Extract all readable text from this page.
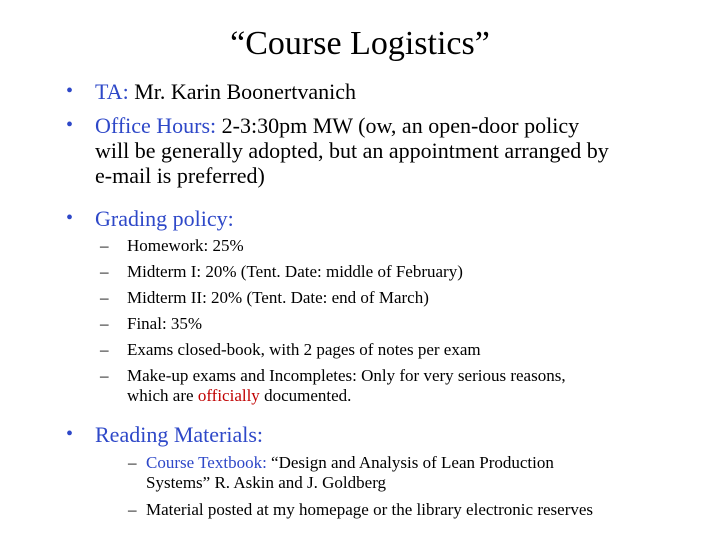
“Course Logistics”
• TA: Mr. Karin Boonertvanich
• Office Hours: 2-3:30pm MW (ow, an open-door policy
will be generally adopted, but an appointment arranged by
e-mail is preferred)
• Grading policy:
– Homework: 25%
– Midterm I: 20% (Tent. Date: middle of February)
– Midterm II: 20% (Tent. Date: end of March)
– Final: 35%
– Exams closed-book, with 2 pages of notes per exam
– Make-up exams and Incompletes: Only for very serious reasons,
which are officially documented.
• Reading Materials:
– Course Textbook: “Design and Analysis of Lean Production
Systems” R. Askin and J. Goldberg
– Material posted at my homepage or the library electronic reserves
